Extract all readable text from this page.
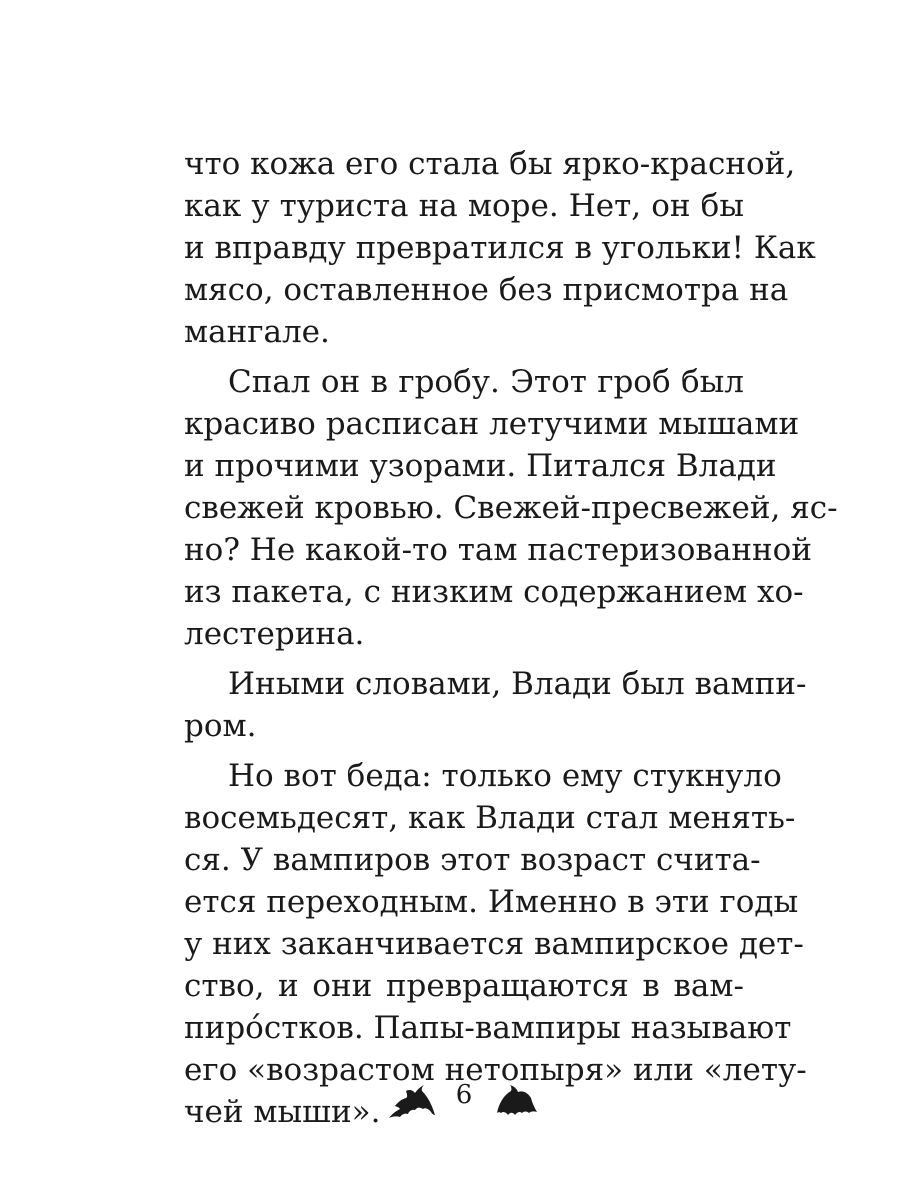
что кожа его стала бы ярко-красной,
как у туриста на море. Нет, он бы
и вправду превратился в угольки! Как
мясо, оставленное без присмотра на
мангале.
Спал он в гробу. Этот гроб был
красиво расписан летучими мышами
и прочими узорами. Питался Влади
свежей кровью. Свежей-пресвежей, яс-
но? Не какой-то там пастеризованной
из пакета, с низким содержанием хо-
лестерина.
Иными словами, Влади был вампи-
ром.
Но вот беда: только ему стукнуло
восемьдесят, как Влади стал менять-
ся. У вампиров этот возраст счита-
ется переходным. Именно в эти годы
у них заканчивается вампирское дет-
ство, и они превращаются в вам-
пиро́стков. Папы-вампиры называют
его «возрастом нетопыря» или «лету-
чей мыши».	6
